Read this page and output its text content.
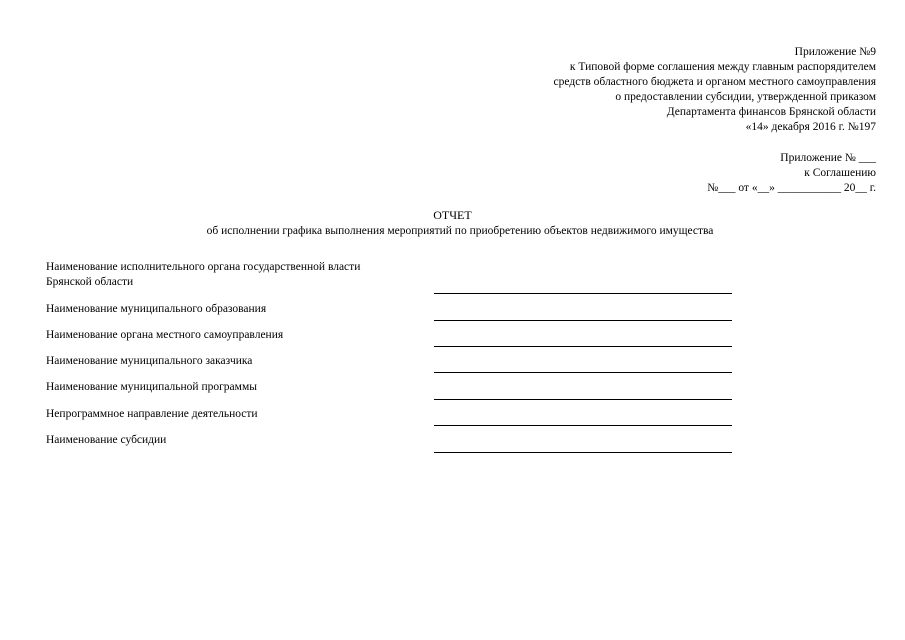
Приложение №9
к Типовой форме соглашения между главным распорядителем
средств областного бюджета и органом местного самоуправления
о предоставлении субсидии, утвержденной приказом
Департамента финансов Брянской области
«14» декабря 2016 г. №197
Приложение № ___
к Соглашению
№___ от «__» ___________ 20__ г.
ОТЧЕТ
об исполнении графика выполнения мероприятий по приобретению объектов недвижимого имущества
Наименование исполнительного органа государственной власти
Брянской области
Наименование муниципального образования
Наименование органа местного самоуправления
Наименование муниципального заказчика
Наименование муниципальной программы
Непрограммное направление деятельности
Наименование субсидии
